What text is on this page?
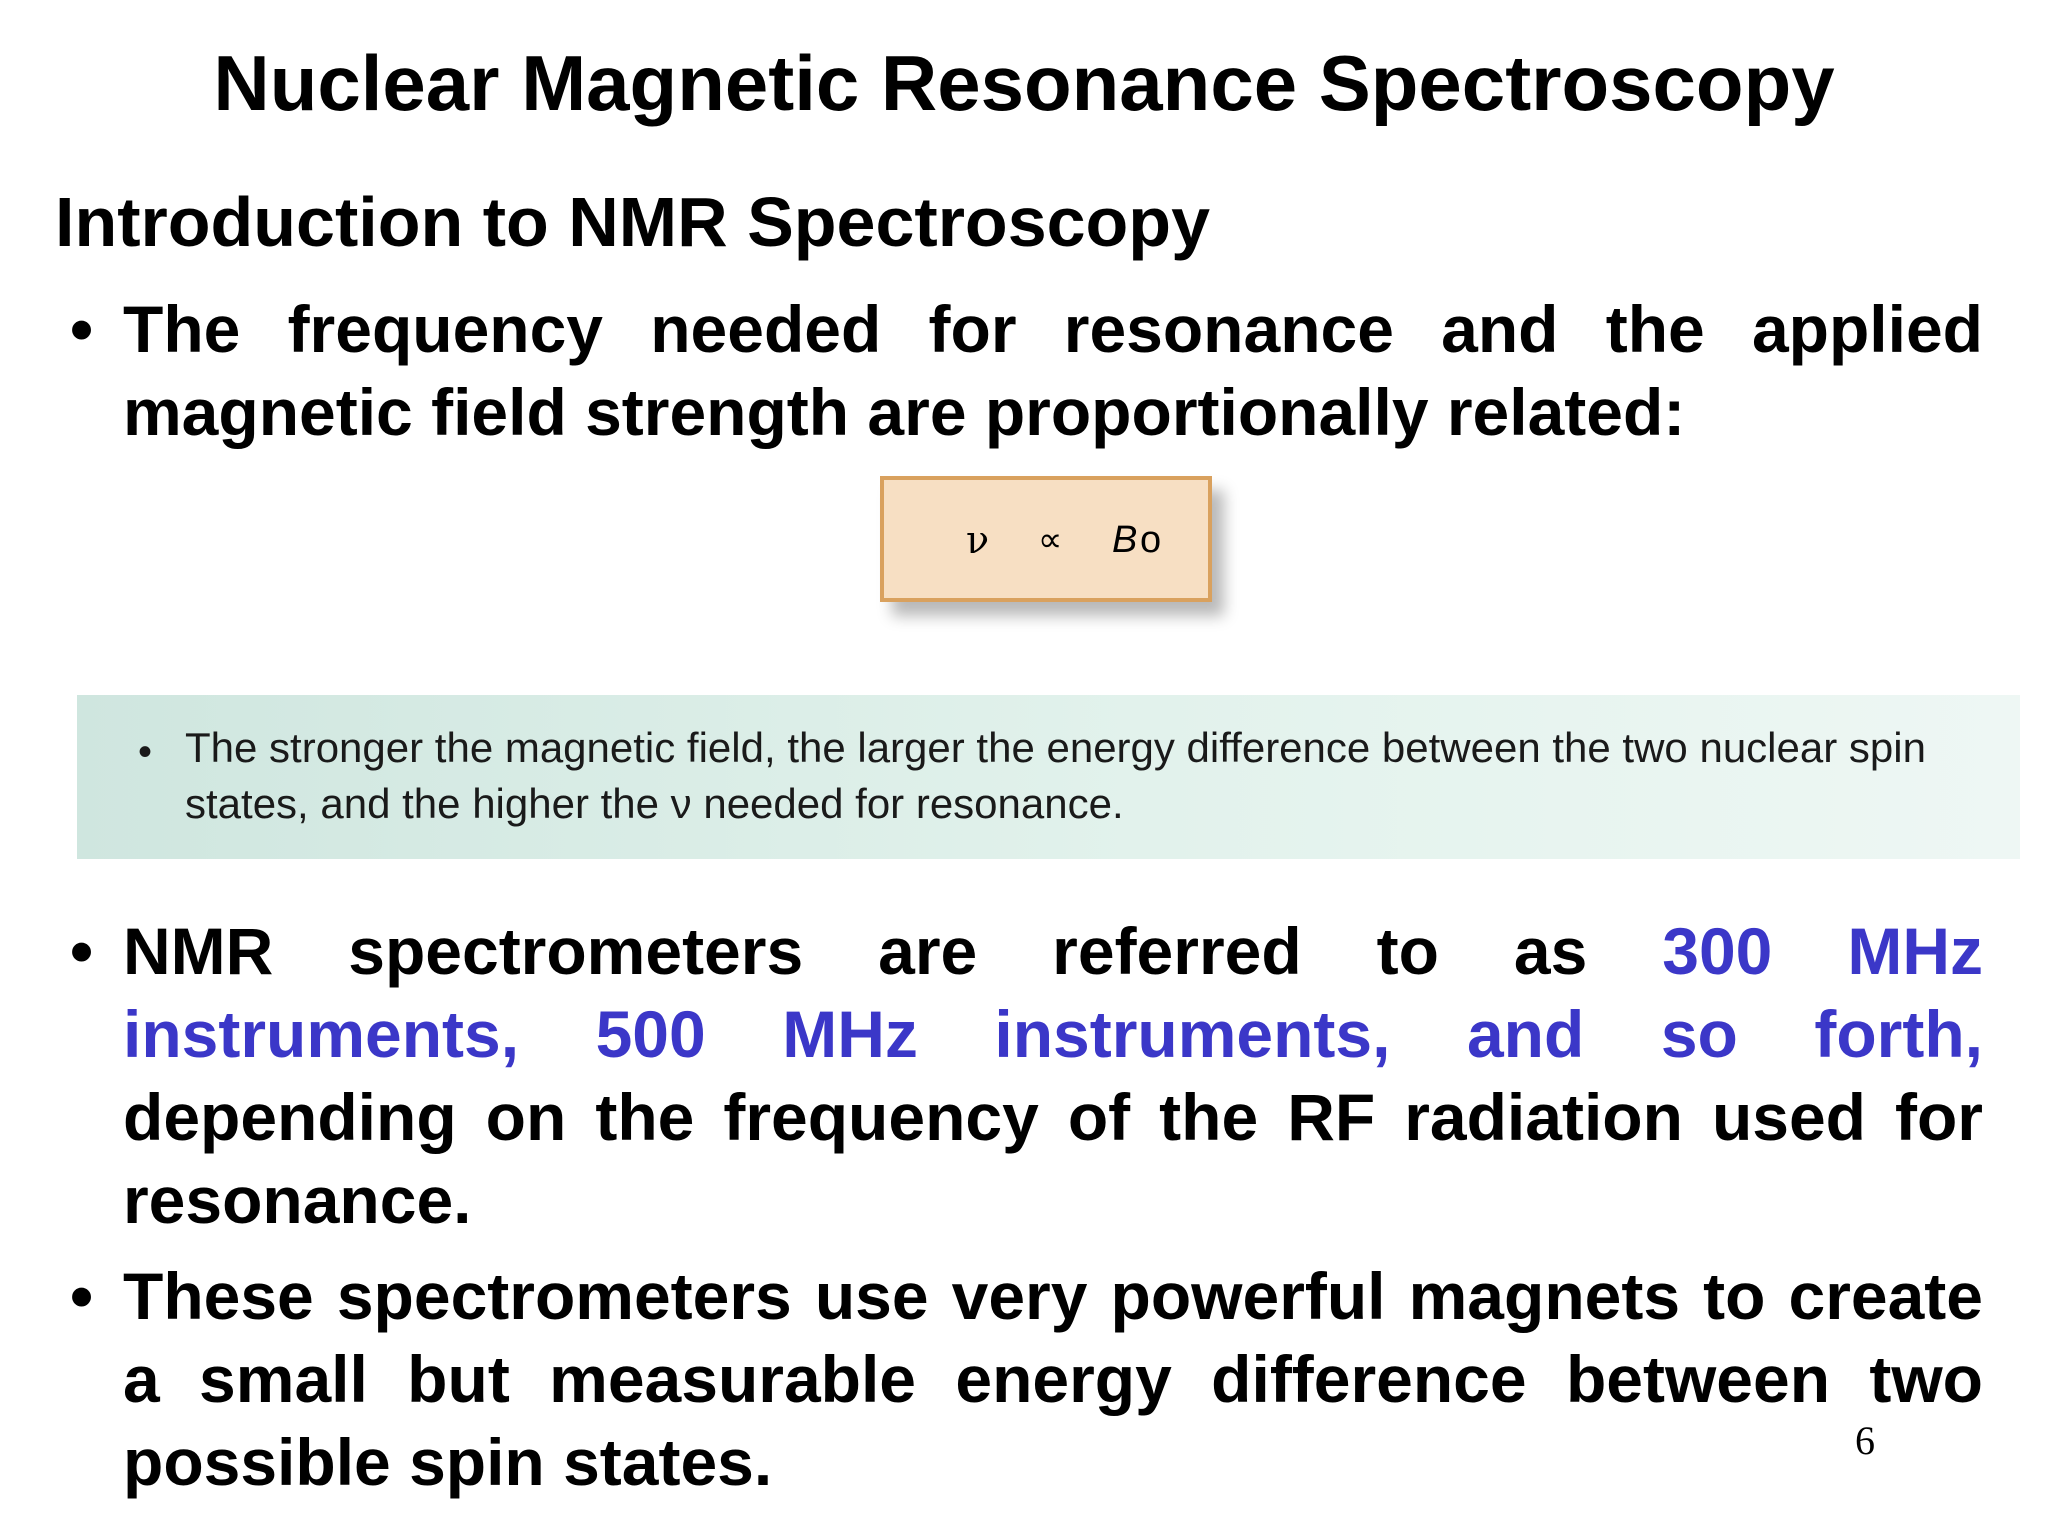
Nuclear Magnetic Resonance Spectroscopy
Introduction to NMR Spectroscopy
• The frequency needed for resonance and the applied magnetic field strength are proportionally related:

ν ∝ B o
• The stronger the magnetic field, the larger the energy difference between the two nuclear spin states, and the higher the ν needed for resonance.

• NMR spectrometers are referred to as 300 MHz instruments, 500 MHz instruments, and so forth, depending on the frequency of the RF radiation used for resonance.

• These spectrometers use very powerful magnets to create a small but measurable energy difference between two possible spin states.	6
